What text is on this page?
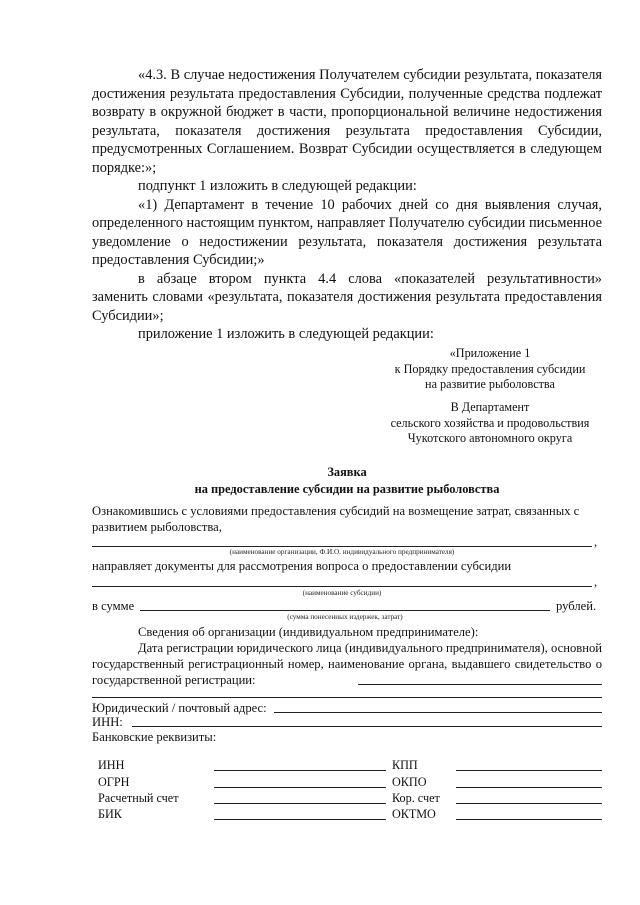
«4.3. В случае недостижения Получателем субсидии результата, показателя достижения результата предоставления Субсидии, полученные средства подлежат возврату в окружной бюджет в части, пропорциональной величине недостижения результата, показателя достижения результата предоставления Субсидии, предусмотренных Соглашением. Возврат Субсидии осуществляется в следующем порядке:»;

подпункт 1 изложить в следующей редакции:

«1) Департамент в течение 10 рабочих дней со дня выявления случая, определенного настоящим пунктом, направляет Получателю субсидии письменное уведомление о недостижении результата, показателя достижения результата предоставления Субсидии;»

в абзаце втором пункта 4.4 слова «показателей результативности» заменить словами «результата, показателя достижения результата предоставления Субсидии»;

приложение 1 изложить в следующей редакции:

«Приложение 1
к Порядку предоставления субсидии
на развитие рыболовства
В Департамент
сельского хозяйства и продовольствия
Чукотского автономного округа
Заявка
на предоставление субсидии на развитие рыболовства
Ознакомившись с условиями предоставления субсидий на возмещение затрат, связанных с развитием рыболовства,
,
(наименование организации, Ф.И.О. индивидуального предпринимателя)
направляет документы для рассмотрения вопроса о предоставлении субсидии
,
(наименование субсидии)
в сумме	рублей.
(сумма понесенных издержек, затрат)
Сведения об организации (индивидуальном предпринимателе):

Дата регистрации юридического лица (индивидуального предпринимателя), основной государственный регистрационный номер, наименование органа, выдавшего свидетельство о государственной регистрации:

Юридический / почтовый адрес:
ИНН:
Банковские реквизиты:
ИНН	КПП
ОГРН	ОКПО
Расчетный счет	Кор. счет
БИК	ОКТМО
